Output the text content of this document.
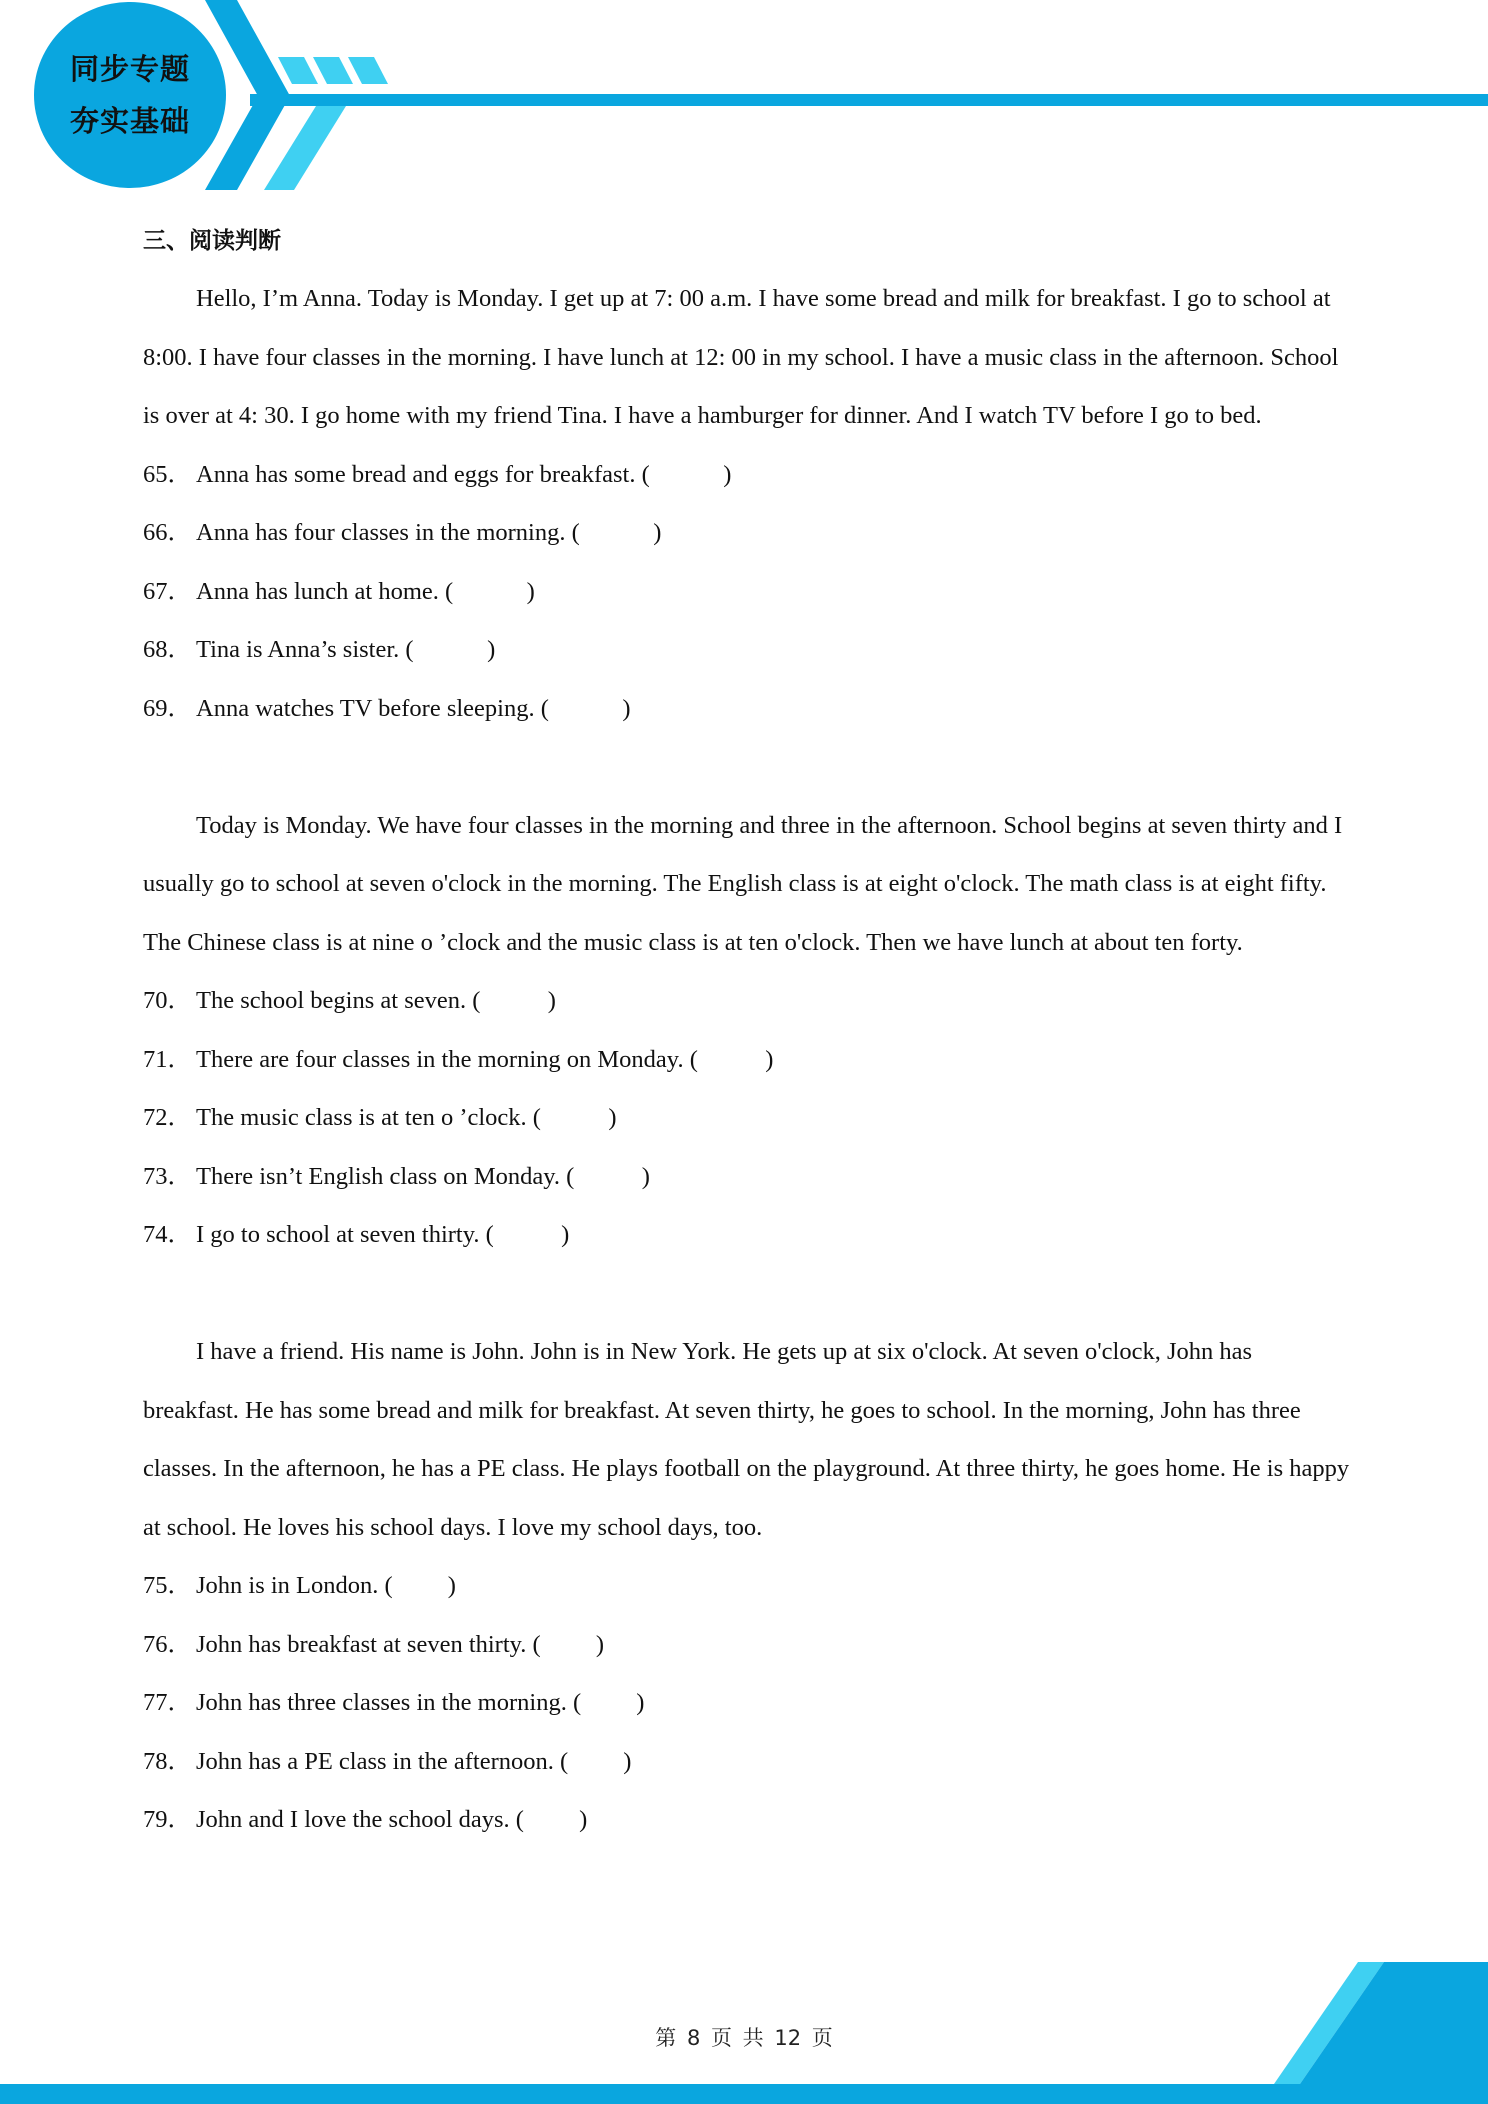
同步专题
夯实基础
三、阅读判断

Hello, I’m Anna. Today is Monday. I get up at 7: 00 a.m. I have some bread and milk for breakfast. I go to school at 8:00. I have four classes in the morning. I have lunch at 12: 00 in my school. I have a music class in the afternoon. School is over at 4: 30. I go home with my friend Tina. I have a hamburger for dinner. And I watch TV before I go to bed.

65． Anna has some bread and eggs for breakfast. (            )
66． Anna has four classes in the morning. (            )
67． Anna has lunch at home. (            )
68． Tina is Anna’s sister. (            )
69． Anna watches TV before sleeping. (            )

Today is Monday. We have four classes in the morning and three in the afternoon. School begins at seven thirty and I usually go to school at seven o'clock in the morning. The English class is at eight o'clock. The math class is at eight fifty. The Chinese class is at nine o ’clock and the music class is at ten o'clock. Then we have lunch at about ten forty.

70． The school begins at seven. (           )
71． There are four classes in the morning on Monday. (           )
72． The music class is at ten o ’clock. (           )
73． There isn’t English class on Monday. (           )
74． I go to school at seven thirty. (           )

I have a friend. His name is John. John is in New York. He gets up at six o'clock. At seven o'clock, John has breakfast. He has some bread and milk for breakfast. At seven thirty, he goes to school. In the morning, John has three classes. In the afternoon, he has a PE class. He plays football on the playground. At three thirty, he goes home. He is happy at school. He loves his school days. I love my school days, too.

75． John is in London. (         )
76． John has breakfast at seven thirty. (         )
77． John has three classes in the morning. (         )
78． John has a PE class in the afternoon. (         )
79． John and I love the school days. (         )
第 8 页 共 12 页
